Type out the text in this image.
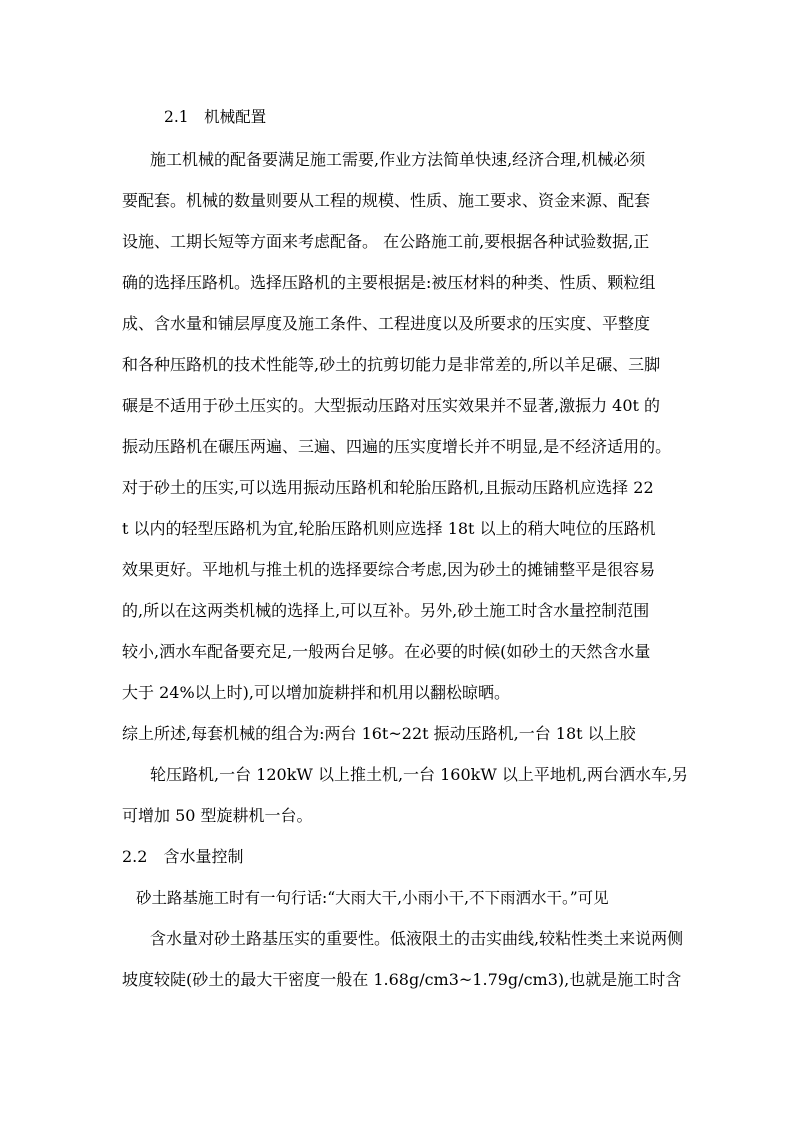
2.1　机械配置
施工机械的配备要满足施工需要,作业方法简单快速,经济合理,机械必须
要配套。机械的数量则要从工程的规模、性质、施工要求、资金来源、配套
设施、工期长短等方面来考虑配备。 在公路施工前,要根据各种试验数据,正
确的选择压路机。选择压路机的主要根据是:被压材料的种类、性质、颗粒组
成、含水量和铺层厚度及施工条件、工程进度以及所要求的压实度、平整度
和各种压路机的技术性能等,砂土的抗剪切能力是非常差的,所以羊足碾、三脚
碾是不适用于砂土压实的。大型振动压路对压实效果并不显著,激振力 40t 的
振动压路机在碾压两遍、三遍、四遍的压实度增长并不明显,是不经济适用的。
对于砂土的压实,可以选用振动压路机和轮胎压路机,且振动压路机应选择 22
t 以内的轻型压路机为宜,轮胎压路机则应选择 18t 以上的稍大吨位的压路机
效果更好。平地机与推土机的选择要综合考虑,因为砂土的摊铺整平是很容易
的,所以在这两类机械的选择上,可以互补。另外,砂土施工时含水量控制范围
较小,洒水车配备要充足,一般两台足够。在必要的时候(如砂土的天然含水量
大于 24%以上时),可以增加旋耕拌和机用以翻松晾晒。
综上所述,每套机械的组合为:两台 16t~22t 振动压路机,一台 18t 以上胶
轮压路机,一台 120kW 以上推土机,一台 160kW 以上平地机,两台洒水车,另
可增加 50 型旋耕机一台。
2.2　含水量控制
砂土路基施工时有一句行话:“大雨大干,小雨小干,不下雨洒水干。”可见
含水量对砂土路基压实的重要性。低液限土的击实曲线,较粘性类土来说两侧
坡度较陡(砂土的最大干密度一般在 1.68g/cm3~1.79g/cm3),也就是施工时含
